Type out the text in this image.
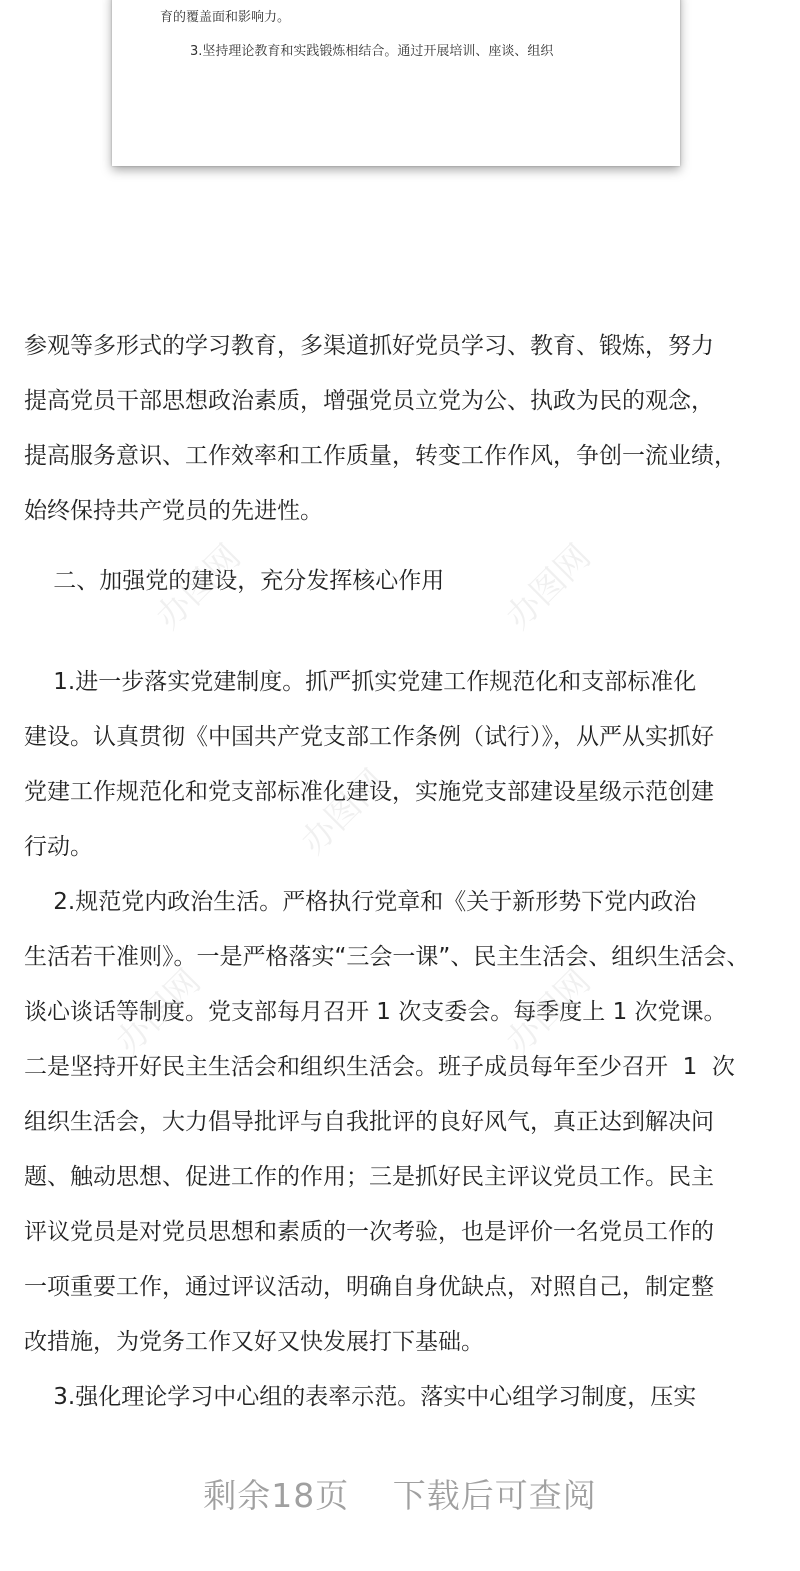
育的覆盖面和影响力。
3.坚持理论教育和实践锻炼相结合。通过开展培训、座谈、组织
参观等多形式的学习教育，多渠道抓好党员学习、教育、锻炼，努力
提高党员干部思想政治素质，增强党员立党为公、执政为民的观念，
提高服务意识、工作效率和工作质量，转变工作作风，争创一流业绩，
始终保持共产党员的先进性。
二、加强党的建设，充分发挥核心作用
1.进一步落实党建制度。抓严抓实党建工作规范化和支部标准化
建设。认真贯彻《中国共产党支部工作条例（试行）》，从严从实抓好
党建工作规范化和党支部标准化建设，实施党支部建设星级示范创建
行动。
2.规范党内政治生活。严格执行党章和《关于新形势下党内政治
生活若干准则》。一是严格落实“三会一课”、民主生活会、组织生活会、
谈心谈话等制度。党支部每月召开 1 次支委会。每季度上 1 次党课。
二是坚持开好民主生活会和组织生活会。班子成员每年至少召开  1  次
组织生活会，大力倡导批评与自我批评的良好风气，真正达到解决问
题、触动思想、促进工作的作用；三是抓好民主评议党员工作。民主
评议党员是对党员思想和素质的一次考验，也是评价一名党员工作的
一项重要工作，通过评议活动，明确自身优缺点，对照自己，制定整
改措施，为党务工作又好又快发展打下基础。
3.强化理论学习中心组的表率示范。落实中心组学习制度，压实
办图网	办图网
办图网
办图网	办图网
剩余18页 下载后可查阅
